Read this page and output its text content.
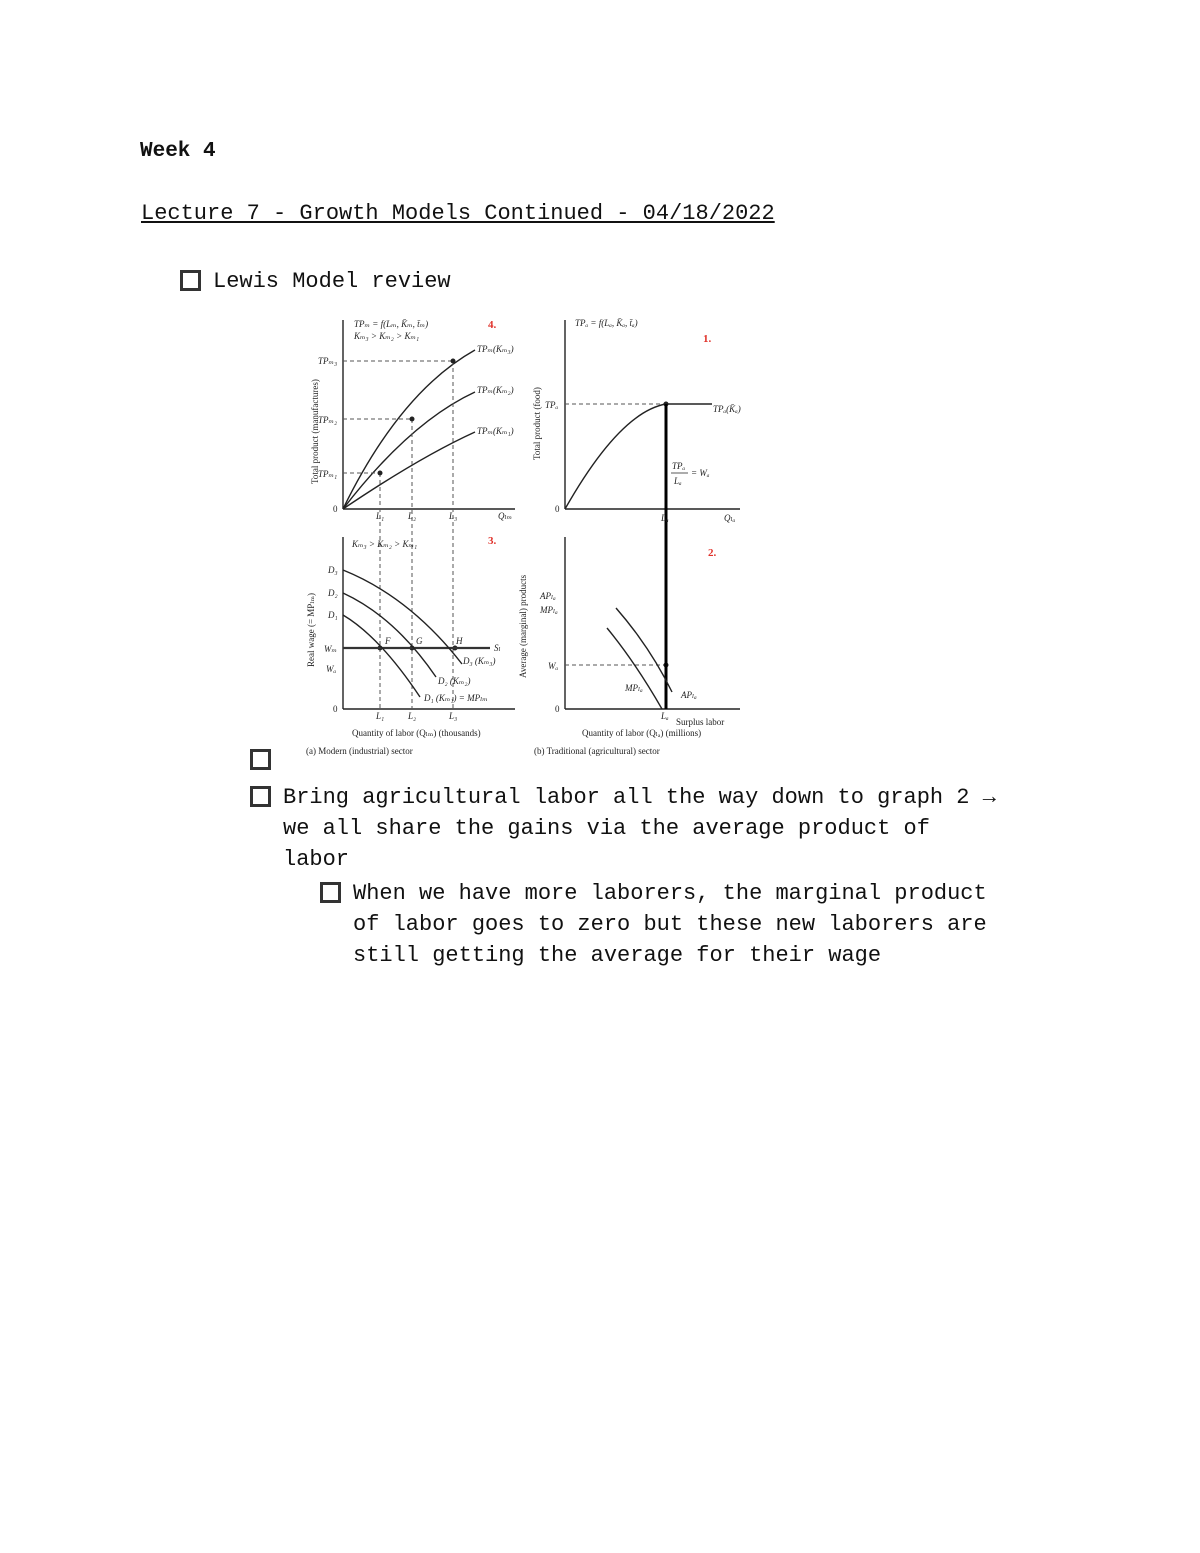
Week 4
Lecture 7 - Growth Models Continued - 04/18/2022
Lewis Model review
TPₘ = f(Lₘ, K̄ₘ, t̄ₘ)
Kₘ₃ > Kₘ₂ > Kₘ₁
4.
Total product (manufactures)
TPₘ₃
TPₘ₂
TPₘ₁
TPₘ(Kₘ₃)
TPₘ(Kₘ₂)
TPₘ(Kₘ₁)
0
L₁	L₂	L₃	Qₗₘ
TPₐ = f(Lₐ, K̄ₐ, t̄ₐ)
1.
Total product (food) TPₐ	TPₐ(K̄ₐ)
TPₐ
Lₐ
= Wₐ
0
Lₐ	Qₗₐ
Kₘ₃ > Kₘ₂ > Kₘ₁	3.
Real wage (= MPₗₘ)
D₃
D₂
D₁
Wₘ
Wₐ
F	G	H
Sₗ
D₃ (Kₘ₃)
D₂ (Kₘ₂)
D₁ (Kₘ₁) = MPₗₘ
0
L₁	L₂	L₃
Quantity of labor (Qₗₘ) (thousands)
(a) Modern (industrial) sector
2.
Average (marginal) products APₗₐ
MPₗₐ
Wₐ
MPₗₐ
APₗₐ
Lₐ
Surplus labor
0
Quantity of labor (Qₗₐ) (millions)
(b) Traditional (agricultural) sector
Bring agricultural labor all the way down to graph 2 →
we all share the gains via the average product of
labor
When we have more laborers, the marginal product
of labor goes to zero but these new laborers are
still getting the average for their wage
